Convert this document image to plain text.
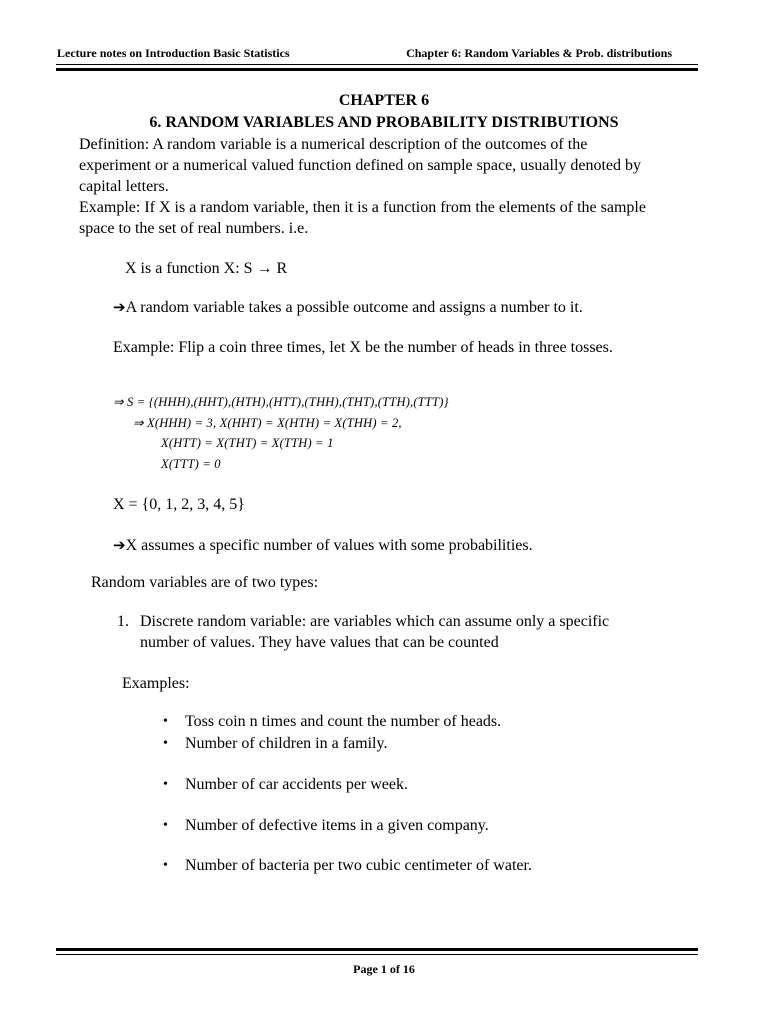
Lecture notes on Introduction Basic Statistics	Chapter 6: Random Variables & Prob. distributions
CHAPTER 6
6. RANDOM VARIABLES AND PROBABILITY DISTRIBUTIONS
Definition: A random variable is a numerical description of the outcomes of the experiment or a numerical valued function defined on sample space, usually denoted by capital letters.
Example: If X is a random variable, then it is a function from the elements of the sample space to the set of real numbers. i.e.
X is a function X: S → R
➔A random variable takes a possible outcome and assigns a number to it.
Example: Flip a coin three times, let X be the number of heads in three tosses.
⇒ S = {(HHH),(HHT),(HTH),(HTT),(THH),(THT),(TTH),(TTT)}
⇒ X(HHH) = 3, X(HHT) = X(HTH) = X(THH) = 2,
X(HTT) = X(THT) = X(TTH) = 1
X(TTT) = 0
X = {0, 1, 2, 3, 4, 5}
➔X assumes a specific number of values with some probabilities.
Random variables are of two types:
1. Discrete random variable: are variables which can assume only a specific number of values. They have values that can be counted
Examples:
• Toss coin n times and count the number of heads.
• Number of children in a family.
• Number of car accidents per week.
• Number of defective items in a given company.
• Number of bacteria per two cubic centimeter of water.
Page 1 of 16
